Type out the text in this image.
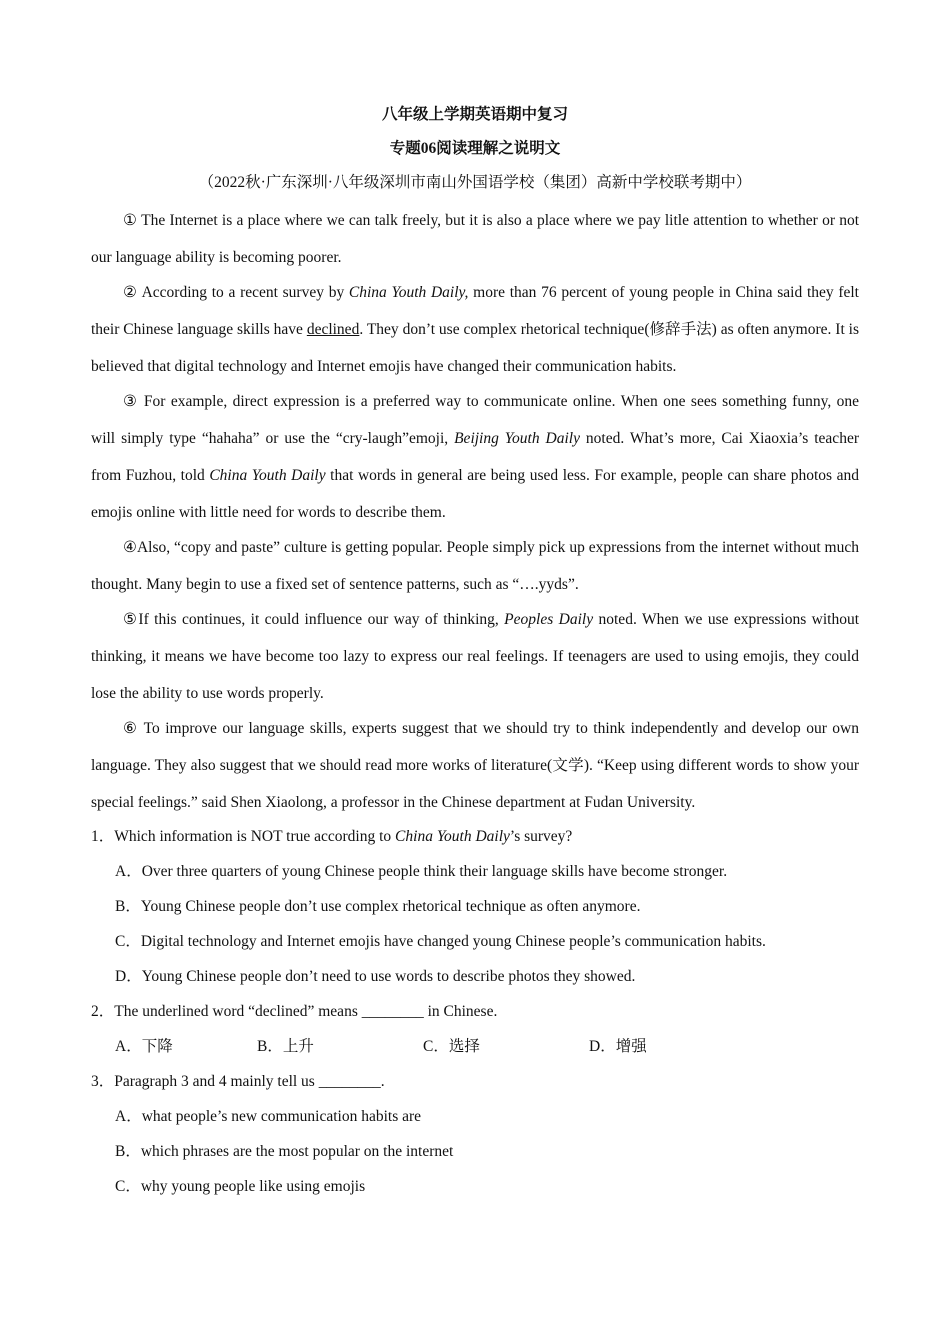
八年级上学期英语期中复习
专题06阅读理解之说明文
（2022秋·广东深圳·八年级深圳市南山外国语学校（集团）高新中学校联考期中）

① The Internet is a place where we can talk freely, but it is also a place where we pay litle attention to whether or not our language ability is becoming poorer.

② According to a recent survey by China Youth Daily, more than 76 percent of young people in China said they felt their Chinese language skills have declined. They don’t use complex rhetorical technique(修辞手法) as often anymore. It is believed that digital technology and Internet emojis have changed their communication habits.

③ For example, direct expression is a preferred way to communicate online. When one sees something funny, one will simply type “hahaha” or use the “cry-laugh”emoji, Beijing Youth Daily noted. What’s more, Cai Xiaoxia’s teacher from Fuzhou, told China Youth Daily that words in general are being used less. For example, people can share photos and emojis online with little need for words to describe them.

④Also, “copy and paste” culture is getting popular. People simply pick up expressions from the internet without much thought. Many begin to use a fixed set of sentence patterns, such as “….yyds”.

⑤If this continues, it could influence our way of thinking, Peoples Daily noted. When we use expressions without thinking, it means we have become too lazy to express our real feelings. If teenagers are used to using emojis, they could lose the ability to use words properly.

⑥ To improve our language skills, experts suggest that we should try to think independently and develop our own language. They also suggest that we should read more works of literature(文学). “Keep using different words to show your special feelings.” said Shen Xiaolong, a professor in the Chinese department at Fudan University.

1．Which information is NOT true according to China Youth Daily’s survey?
A．Over three quarters of young Chinese people think their language skills have become stronger.
B．Young Chinese people don’t use complex rhetorical technique as often anymore.
C．Digital technology and Internet emojis have changed young Chinese people’s communication habits.
D．Young Chinese people don’t need to use words to describe photos they showed.
2．The underlined word “declined” means ________ in Chinese.
A．下降	B．上升	C．选择	D．增强
3．Paragraph 3 and 4 mainly tell us ________.
A．what people’s new communication habits are
B．which phrases are the most popular on the internet
C．why young people like using emojis
